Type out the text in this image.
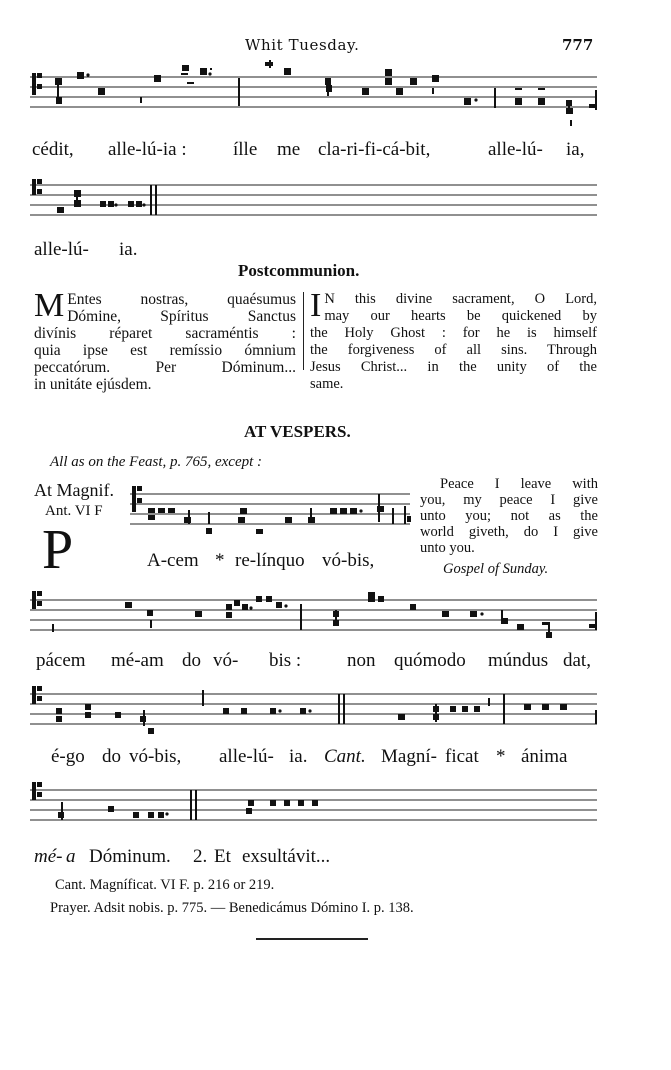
Whit Tuesday.	777
cédit, alle-lú-ia : ílle me cla-ri-fi-cá-bit,	alle-lú- ia,
alle-lú- ia.
Postcommunion.
M Entes nostras, quaésumus
Dómine, Spíritus Sanctus
divínis réparet sacraméntis :
quia ipse est remíssio ómnium
peccatórum. Per Dóminum...
in unitáte ejúsdem.
I N this divine sacrament, O Lord,
may our hearts be quickened by
the Holy Ghost : for he is himself
the forgiveness of all sins. Through
Jesus Christ... in the unity of the
same.
AT VESPERS.
All as on the Feast, p. 765, except :
At Magnif.
Ant. VI F
P	A-cem * re-línquo vó-bis,
Peace I leave with
you, my peace I give
unto you; not as the
world giveth, do I give
unto you.
Gospel of Sunday.
pácem mé-am do vó- bis : non quómodo múndus dat,
é-go do vó-bis, alle-lú- ia. Cant. Magní- ficat * ánima
mé- a Dóminum. 2. Et exsultávit...
Cant. Magníficat. VI F. p. 216 or 219.
Prayer. Adsit nobis. p. 775. — Benedicámus Dómino I. p. 138.
